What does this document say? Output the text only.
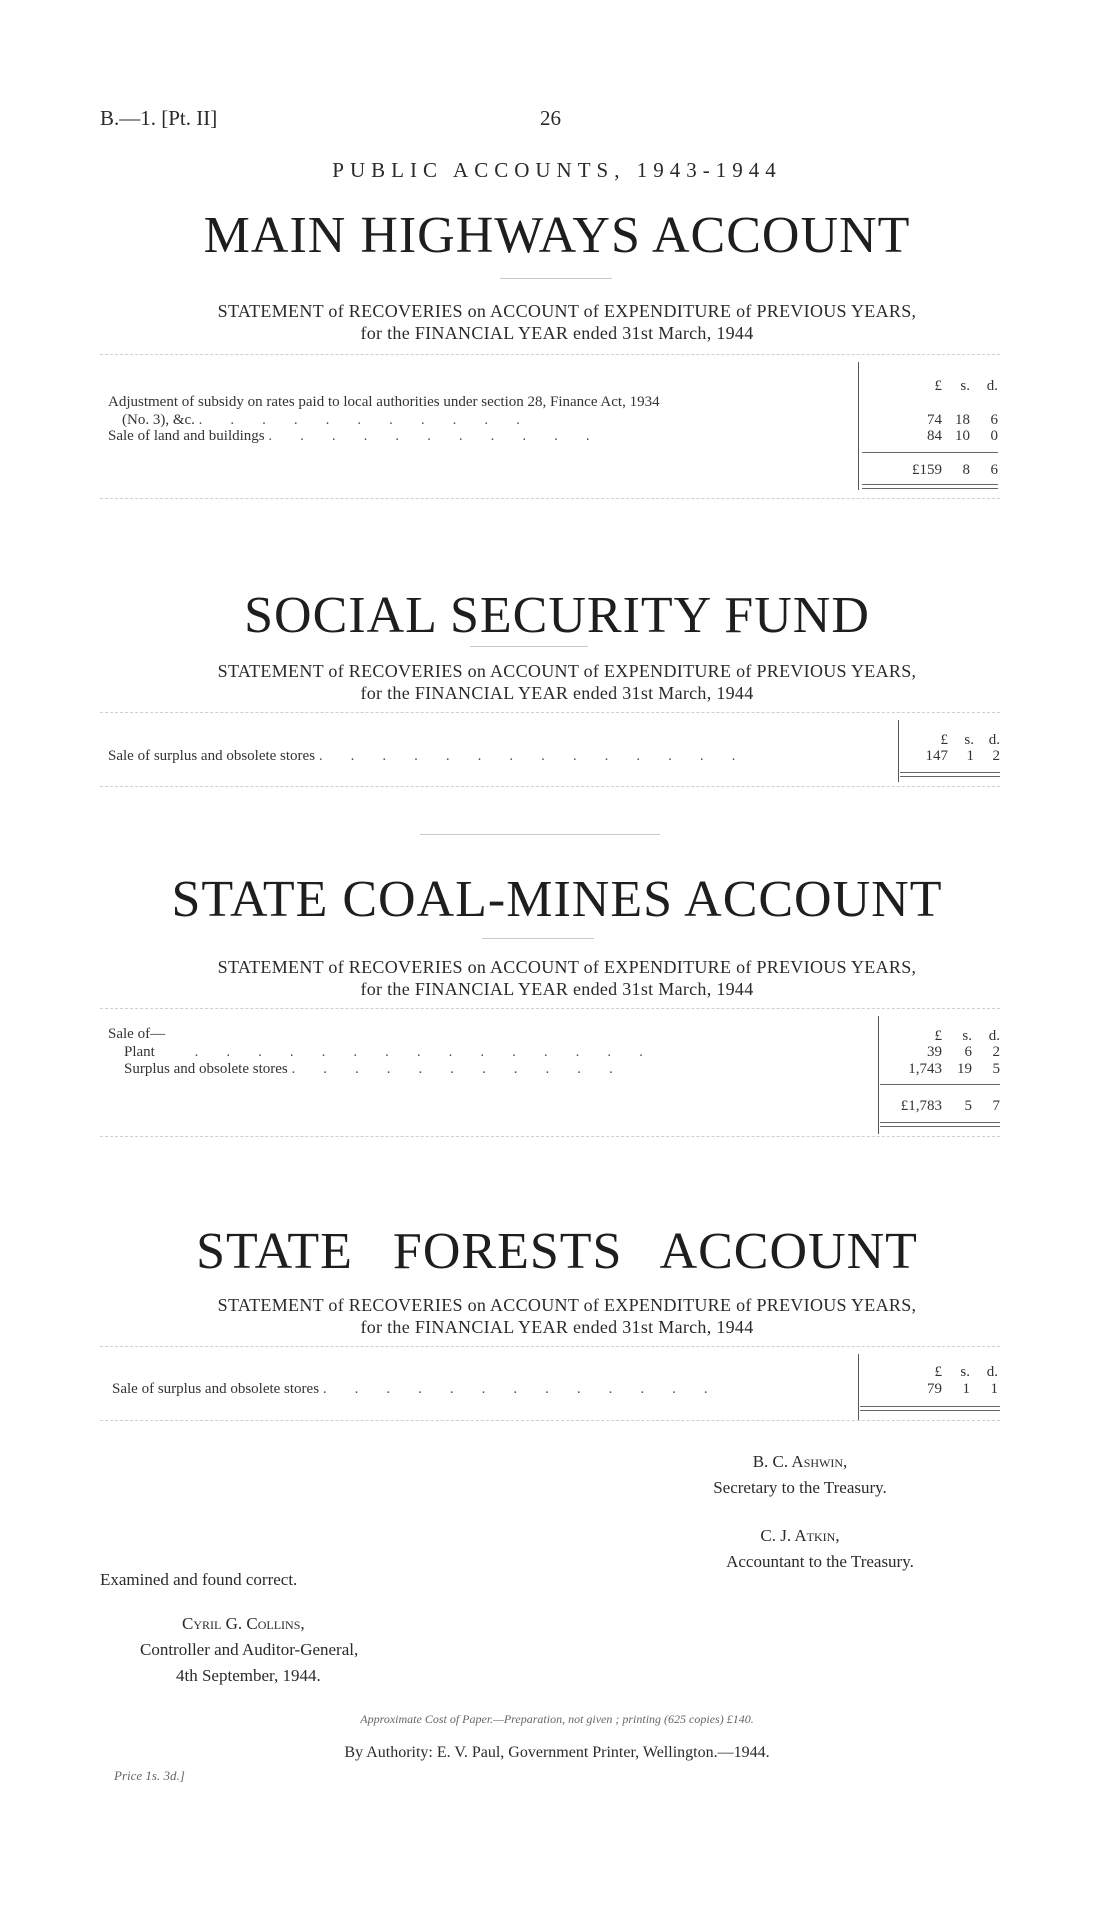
B.—1. [Pt. II]	26
PUBLIC ACCOUNTS, 1943-1944
MAIN HIGHWAYS ACCOUNT
STATEMENT of RECOVERIES on ACCOUNT of EXPENDITURE of PREVIOUS YEARS,
for the FINANCIAL YEAR ended 31st March, 1944
£ s. d.
Adjustment of subsidy on rates paid to local authorities under section 28, Finance Act, 1934
(No. 3), &c. ...........	74 18 6
Sale of land and buildings ...........	84 10 0
£159 8 6
SOCIAL SECURITY FUND
STATEMENT of RECOVERIES on ACCOUNT of EXPENDITURE of PREVIOUS YEARS,
for the FINANCIAL YEAR ended 31st March, 1944
£ s. d.
Sale of surplus and obsolete stores ..............	147 1 2
STATE COAL-MINES ACCOUNT
STATEMENT of RECOVERIES on ACCOUNT of EXPENDITURE of PREVIOUS YEARS,
for the FINANCIAL YEAR ended 31st March, 1944
Sale of—	£ s. d.
Plant	...............	39 6 2
Surplus and obsolete stores ...........	1,743 19 5
£1,783 5 7
STATE FORESTS ACCOUNT
STATEMENT of RECOVERIES on ACCOUNT of EXPENDITURE of PREVIOUS YEARS,
for the FINANCIAL YEAR ended 31st March, 1944
£ s. d.
Sale of surplus and obsolete stores .............	79 1 1
B. C. Ashwin,
Secretary to the Treasury.
C. J. Atkin,
Accountant to the Treasury.
Examined and found correct.
Cyril G. Collins,
Controller and Auditor-General,
4th September, 1944.
Approximate Cost of Paper.—Preparation, not given ; printing (625 copies) £140.
By Authority: E. V. Paul, Government Printer, Wellington.—1944.
Price 1s. 3d.]
